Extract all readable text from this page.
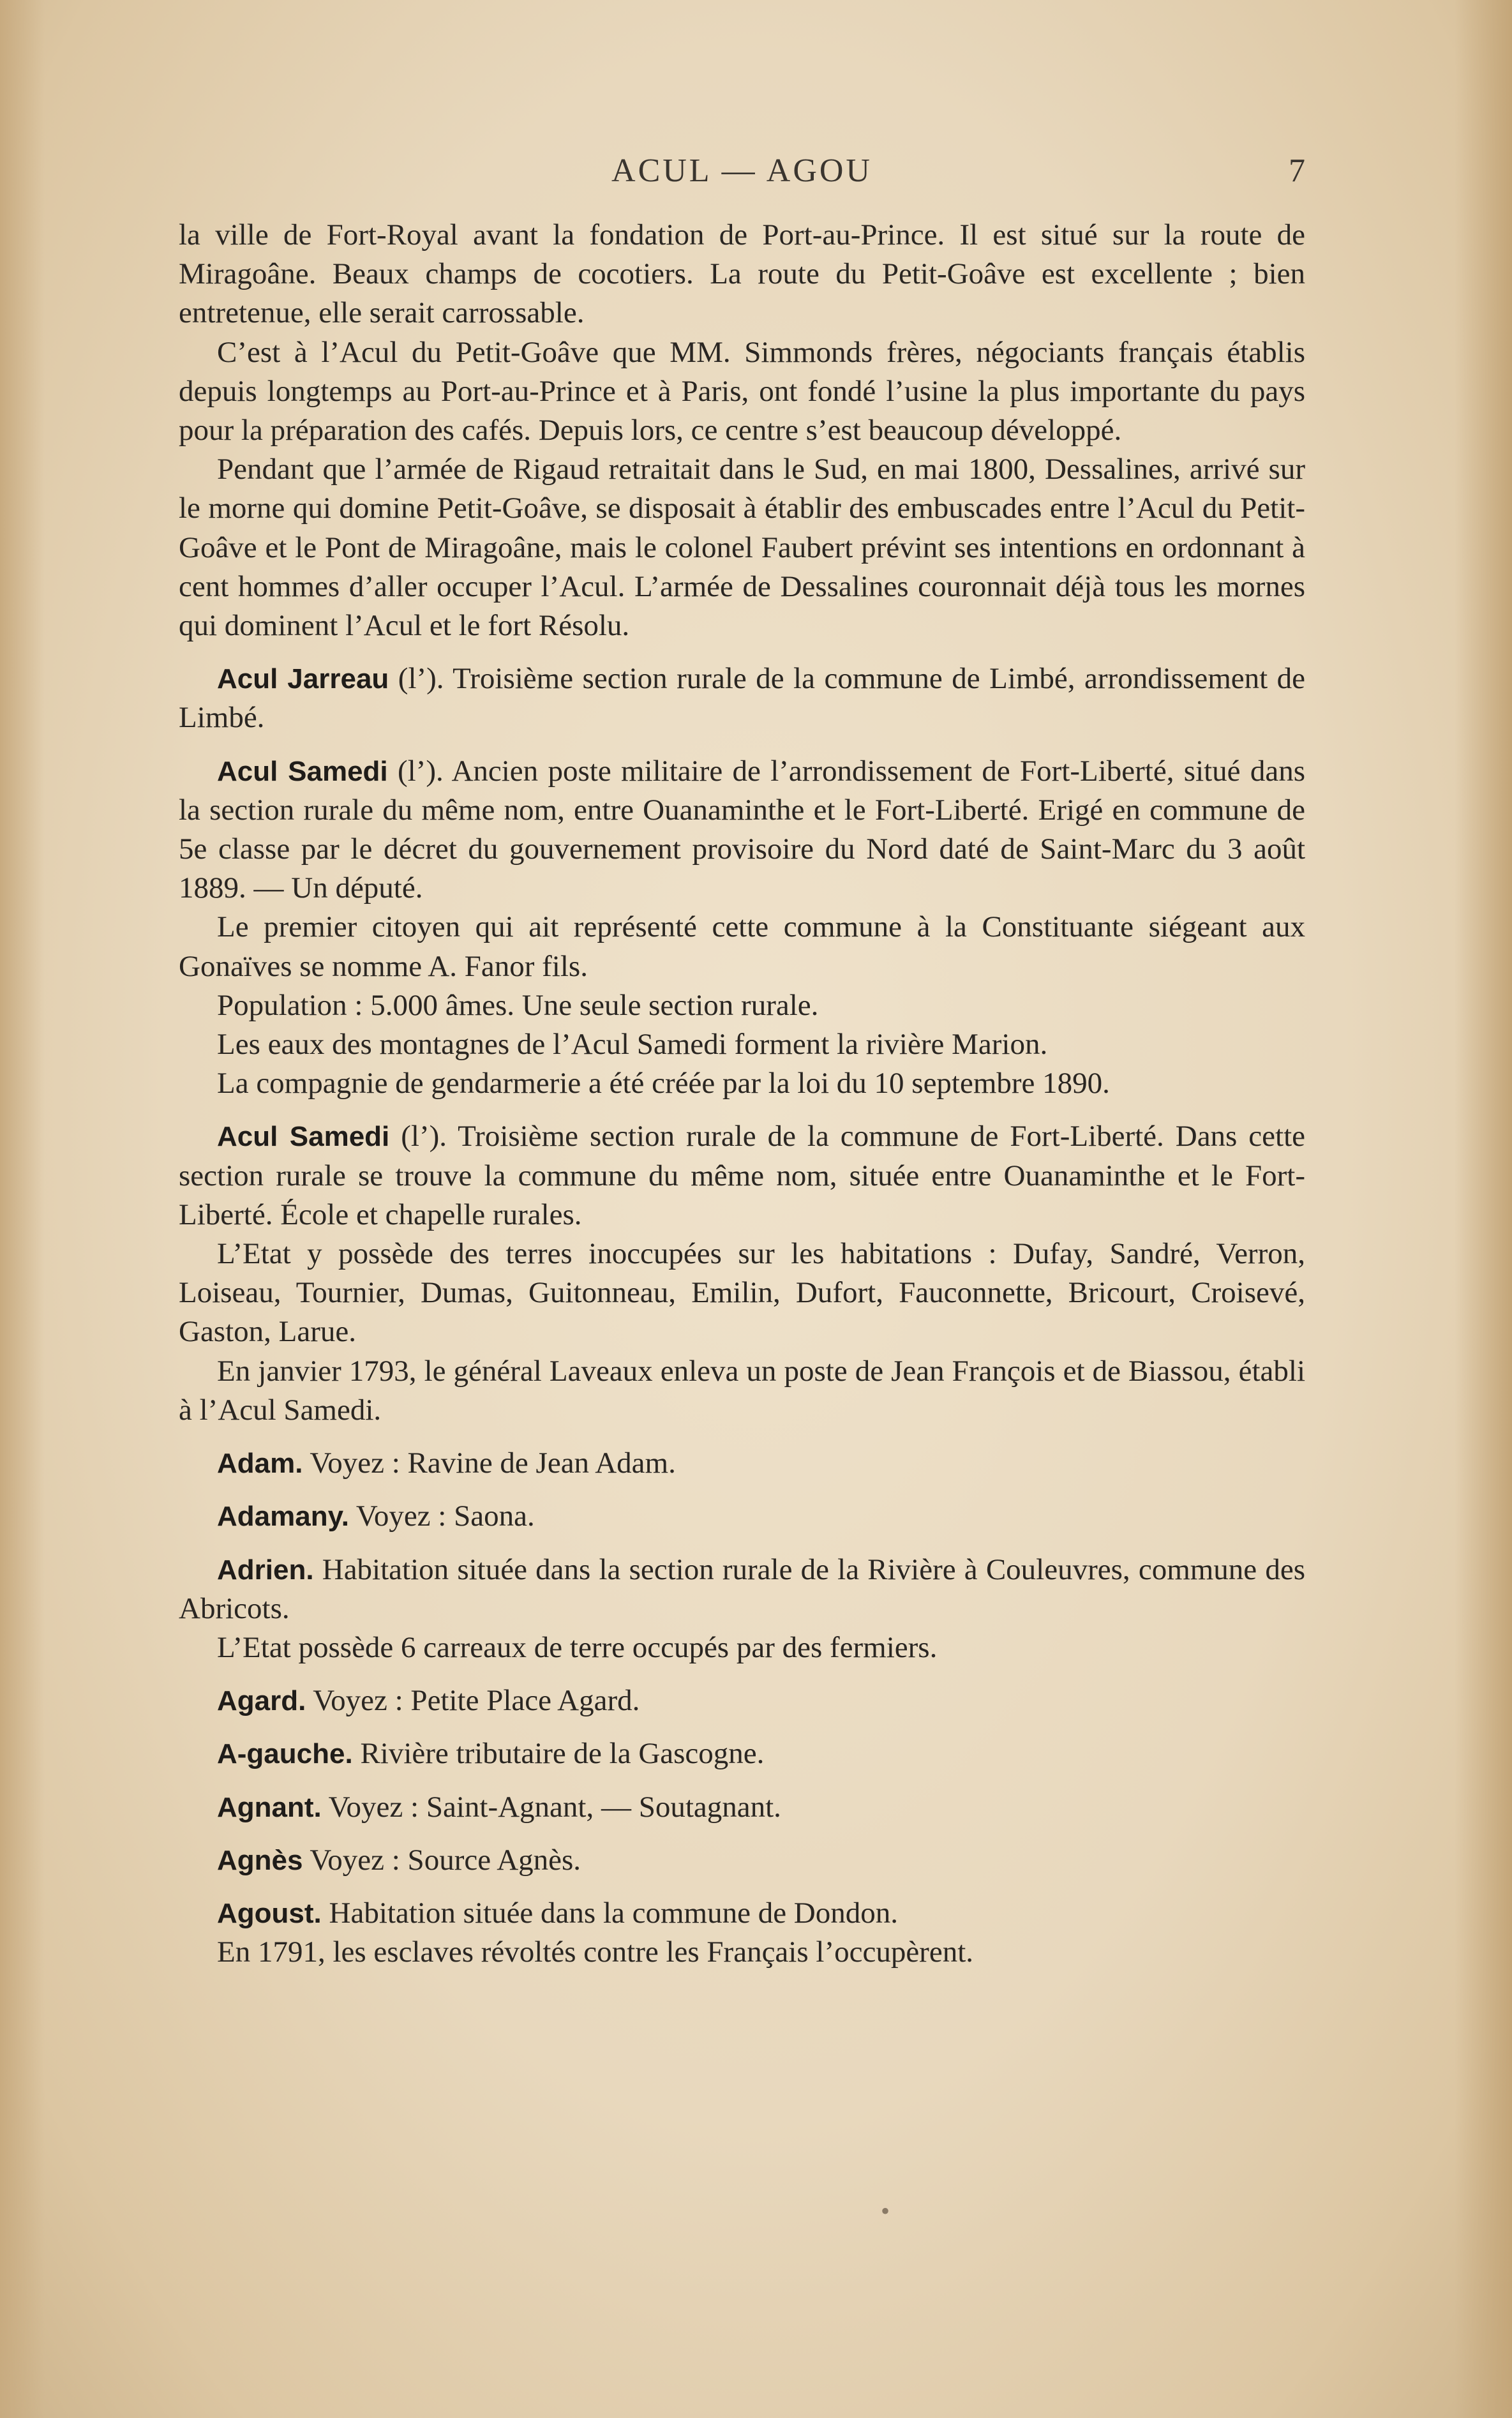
ACUL — AGOU	7

la ville de Fort-Royal avant la fondation de Port-au-Prince. Il est situé sur la route de Miragoâne. Beaux champs de cocotiers. La route du Petit-Goâve est excellente ; bien entretenue, elle serait carrossable.

C’est à l’Acul du Petit-Goâve que MM. Simmonds frères, négociants français établis depuis longtemps au Port-au-Prince et à Paris, ont fondé l’usine la plus importante du pays pour la préparation des cafés. Depuis lors, ce centre s’est beaucoup développé.

Pendant que l’armée de Rigaud retraitait dans le Sud, en mai 1800, Dessalines, arrivé sur le morne qui domine Petit-Goâve, se disposait à établir des embuscades entre l’Acul du Petit-Goâve et le Pont de Miragoâne, mais le colonel Faubert prévint ses intentions en ordonnant à cent hommes d’aller occuper l’Acul. L’armée de Dessalines couronnait déjà tous les mornes qui dominent l’Acul et le fort Résolu.

Acul Jarreau (l’). Troisième section rurale de la commune de Limbé, arrondissement de Limbé.

Acul Samedi (l’). Ancien poste militaire de l’arrondissement de Fort-Liberté, situé dans la section rurale du même nom, entre Ouanaminthe et le Fort-Liberté. Erigé en commune de 5e classe par le décret du gouvernement provisoire du Nord daté de Saint-Marc du 3 août 1889. — Un député.

Le premier citoyen qui ait représenté cette commune à la Constituante siégeant aux Gonaïves se nomme A. Fanor fils.

Population : 5.000 âmes. Une seule section rurale.

Les eaux des montagnes de l’Acul Samedi forment la rivière Marion.

La compagnie de gendarmerie a été créée par la loi du 10 septembre 1890.

Acul Samedi (l’). Troisième section rurale de la commune de Fort-Liberté. Dans cette section rurale se trouve la commune du même nom, située entre Ouanaminthe et le Fort-Liberté. École et chapelle rurales.

L’Etat y possède des terres inoccupées sur les habitations : Dufay, Sandré, Verron, Loiseau, Tournier, Dumas, Guitonneau, Emilin, Dufort, Fauconnette, Bricourt, Croisevé, Gaston, Larue.

En janvier 1793, le général Laveaux enleva un poste de Jean François et de Biassou, établi à l’Acul Samedi.

Adam. Voyez : Ravine de Jean Adam.

Adamany. Voyez : Saona.

Adrien. Habitation située dans la section rurale de la Rivière à Couleuvres, commune des Abricots.

L’Etat possède 6 carreaux de terre occupés par des fermiers.

Agard. Voyez : Petite Place Agard.

A-gauche. Rivière tributaire de la Gascogne.

Agnant. Voyez : Saint-Agnant, — Soutagnant.

Agnès Voyez : Source Agnès.

Agoust. Habitation située dans la commune de Dondon.

En 1791, les esclaves révoltés contre les Français l’occupèrent.

•
